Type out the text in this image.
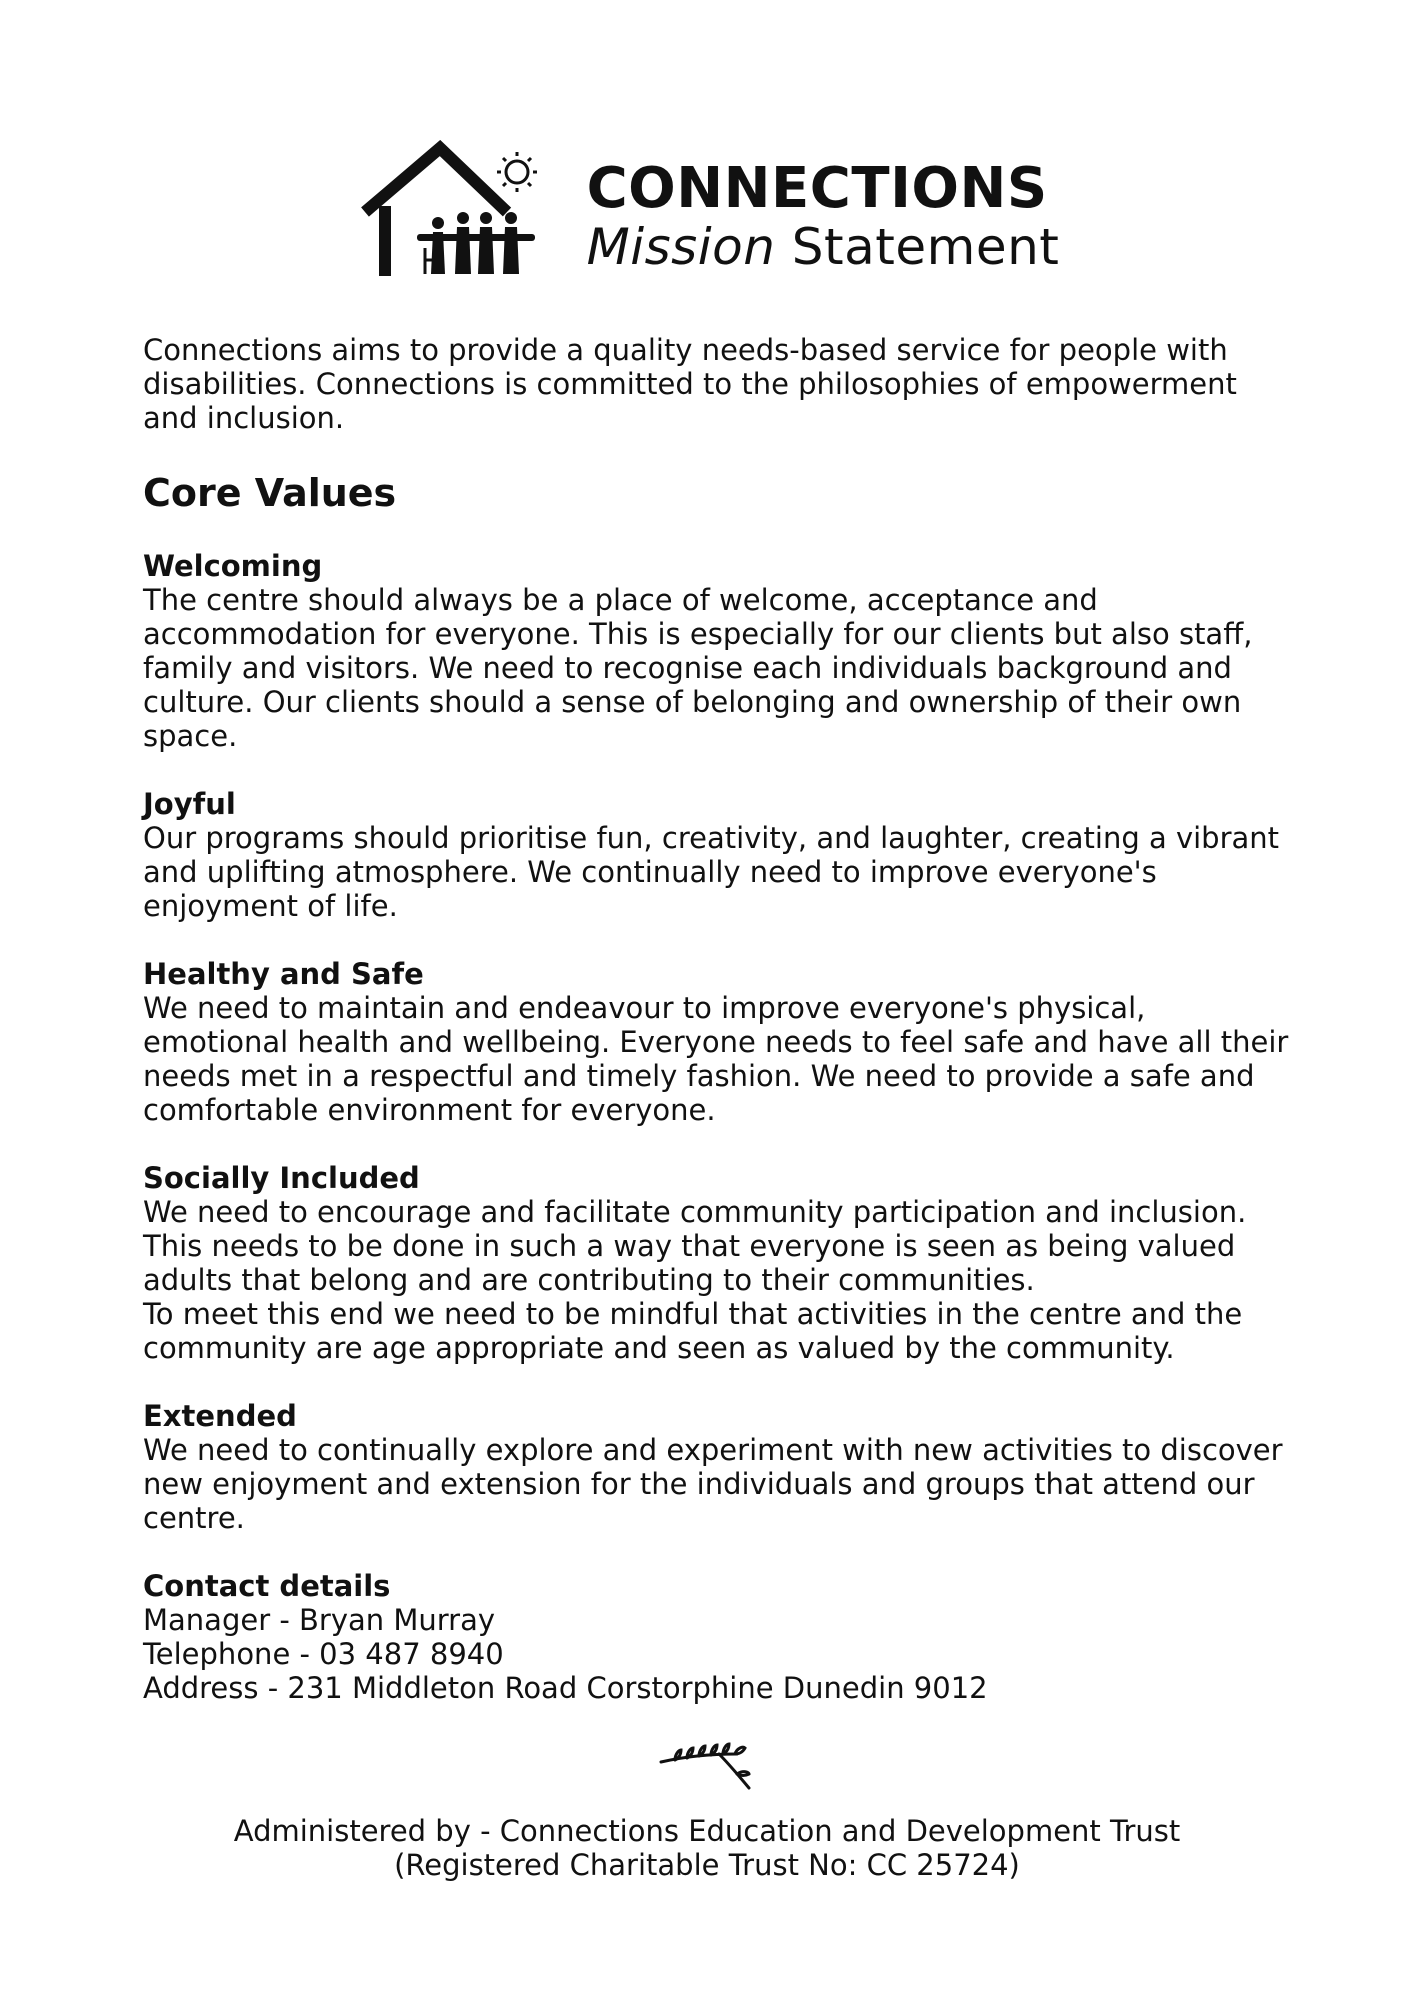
CONNECTIONS
Mission Statement

Connections aims to provide a quality needs-based service for people with disabilities. Connections is committed to the philosophies of empowerment and inclusion.

Core Values
Welcoming

The centre should always be a place of welcome, acceptance and

accommodation for everyone. This is especially for our clients but also staff,

family and visitors. We need to recognise each individuals background and

culture. Our clients should a sense of belonging and ownership of their own space.

Joyful

Our programs should prioritise fun, creativity, and laughter, creating a vibrant

and uplifting atmosphere. We continually need to improve everyone's

enjoyment of life.

Healthy and Safe

We need to maintain and endeavour to improve everyone's physical,

emotional health and wellbeing. Everyone needs to feel safe and have all their

needs met in a respectful and timely fashion. We need to provide a safe and

comfortable environment for everyone.

Socially Included

We need to encourage and facilitate community participation and inclusion.

This needs to be done in such a way that everyone is seen as being valued

adults that belong and are contributing to their communities.

To meet this end we need to be mindful that activities in the centre and the

community are age appropriate and seen as valued by the community.

Extended

We need to continually explore and experiment with new activities to discover

new enjoyment and extension for the individuals and groups that attend our

centre.

Contact details

Manager - Bryan Murray

Telephone - 03 487 8940

Address - 231 Middleton Road Corstorphine Dunedin 9012

Administered by - Connections Education and Development Trust

(Registered Charitable Trust No: CC 25724)
